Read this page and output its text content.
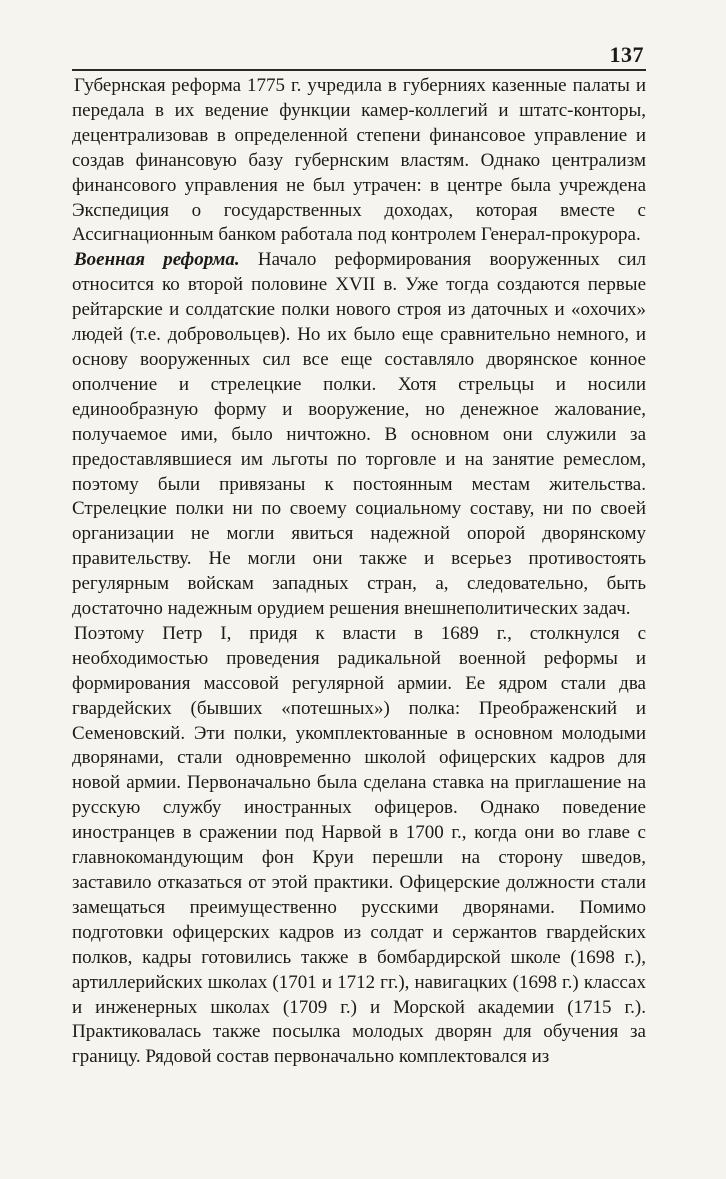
137

Губернская реформа 1775 г. учредила в губерниях казенные палаты и передала в их ведение функции камер-коллегий и штатс-конторы, децентрализовав в определенной степени финансовое управление и создав финансовую базу губернским властям. Однако централизм финансового управления не был утрачен: в центре была учреждена Экспедиция о государственных доходах, которая вместе с Ассигнационным банком работала под контролем Генерал-прокурора.

Военная реформа. Начало реформирования вооруженных сил относится ко второй половине XVII в. Уже тогда создаются первые рейтарские и солдатские полки нового строя из даточных и «охочих» людей (т.е. добровольцев). Но их было еще сравнительно немного, и основу вооруженных сил все еще составляло дворянское конное ополчение и стрелецкие полки. Хотя стрельцы и носили единообразную форму и вооружение, но денежное жалование, получаемое ими, было ничтожно. В основном они служили за предоставлявшиеся им льготы по торговле и на занятие ремеслом, поэтому были привязаны к постоянным местам жительства. Стрелецкие полки ни по своему социальному составу, ни по своей организации не могли явиться надежной опорой дворянскому правительству. Не могли они также и всерьез противостоять регулярным войскам западных стран, а, следовательно, быть достаточно надежным орудием решения внешнеполитических задач.

Поэтому Петр I, придя к власти в 1689 г., столкнулся с необходимостью проведения радикальной военной реформы и формирования массовой регулярной армии. Ее ядром стали два гвардейских (бывших «потешных») полка: Преображенский и Семеновский. Эти полки, укомплектованные в основном молодыми дворянами, стали одновременно школой офицерских кадров для новой армии. Первоначально была сделана ставка на приглашение на русскую службу иностранных офицеров. Однако поведение иностранцев в сражении под Нарвой в 1700 г., когда они во главе с главнокомандующим фон Круи перешли на сторону шведов, заставило отказаться от этой практики. Офицерские должности стали замещаться преимущественно русскими дворянами. Помимо подготовки офицерских кадров из солдат и сержантов гвардейских полков, кадры готовились также в бомбардирской школе (1698 г.), артиллерийских школах (1701 и 1712 гг.), навигацких (1698 г.) классах и инженерных школах (1709 г.) и Морской академии (1715 г.). Практиковалась также посылка молодых дворян для обучения за границу. Рядовой состав первоначально комплектовался из
